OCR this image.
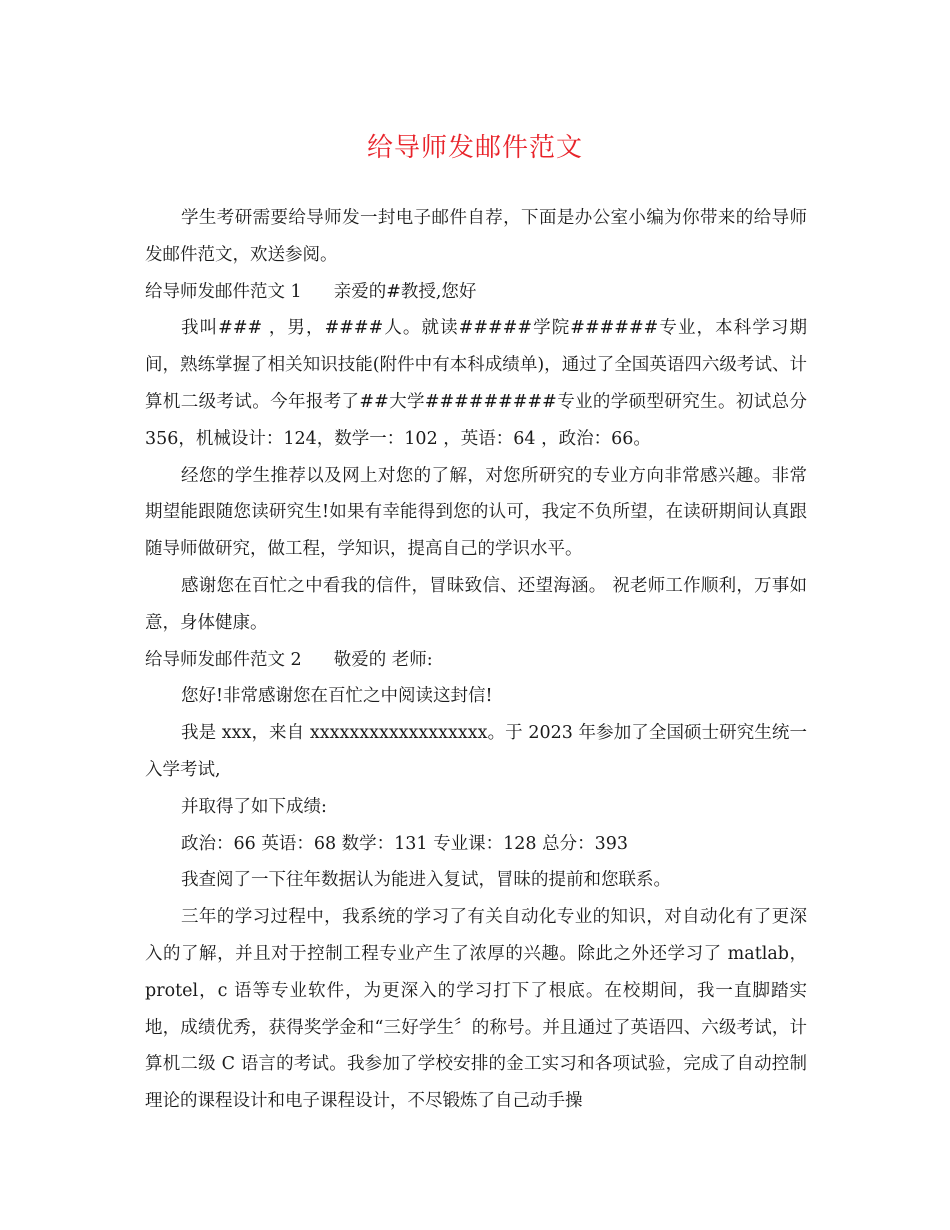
给导师发邮件范文

学生考研需要给导师发一封电子邮件自荐，下面是办公室小编为你带来的给导师发邮件范文，欢送参阅。

给导师发邮件范文 1 亲爱的#教授,您好

我叫### ，男，####人。就读#####学院######专业，本科学习期间，熟练掌握了相关知识技能(附件中有本科成绩单)，通过了全国英语四六级考试、计算机二级考试。今年报考了##大学#########专业的学硕型研究生。初试总分 356，机械设计：124，数学一：102 ，英语：64 ，政治：66。

经您的学生推荐以及网上对您的了解，对您所研究的专业方向非常感兴趣。非常期望能跟随您读研究生!如果有幸能得到您的认可，我定不负所望，在读研期间认真跟随导师做研究，做工程，学知识，提高自己的学识水平。

感谢您在百忙之中看我的信件，冒昧致信、还望海涵。 祝老师工作顺利，万事如意，身体健康。

给导师发邮件范文 2 敬爱的 老师:

您好!非常感谢您在百忙之中阅读这封信!

我是 xxx，来自 xxxxxxxxxxxxxxxxxx。于 2023 年参加了全国硕士研究生统一入学考试,

并取得了如下成绩:

政治：66 英语：68 数学：131 专业课：128 总分：393

我查阅了一下往年数据认为能进入复试，冒昧的提前和您联系。

三年的学习过程中，我系统的学习了有关自动化专业的知识，对自动化有了更深入的了解，并且对于控制工程专业产生了浓厚的兴趣。除此之外还学习了 matlab，protel，c 语等专业软件，为更深入的学习打下了根底。在校期间，我一直脚踏实地，成绩优秀，获得奖学金和“三好学生〞的称号。并且通过了英语四、六级考试，计算机二级 C 语言的考试。我参加了学校安排的金工实习和各项试验，完成了自动控制理论的课程设计和电子课程设计，不尽锻炼了自己动手操
